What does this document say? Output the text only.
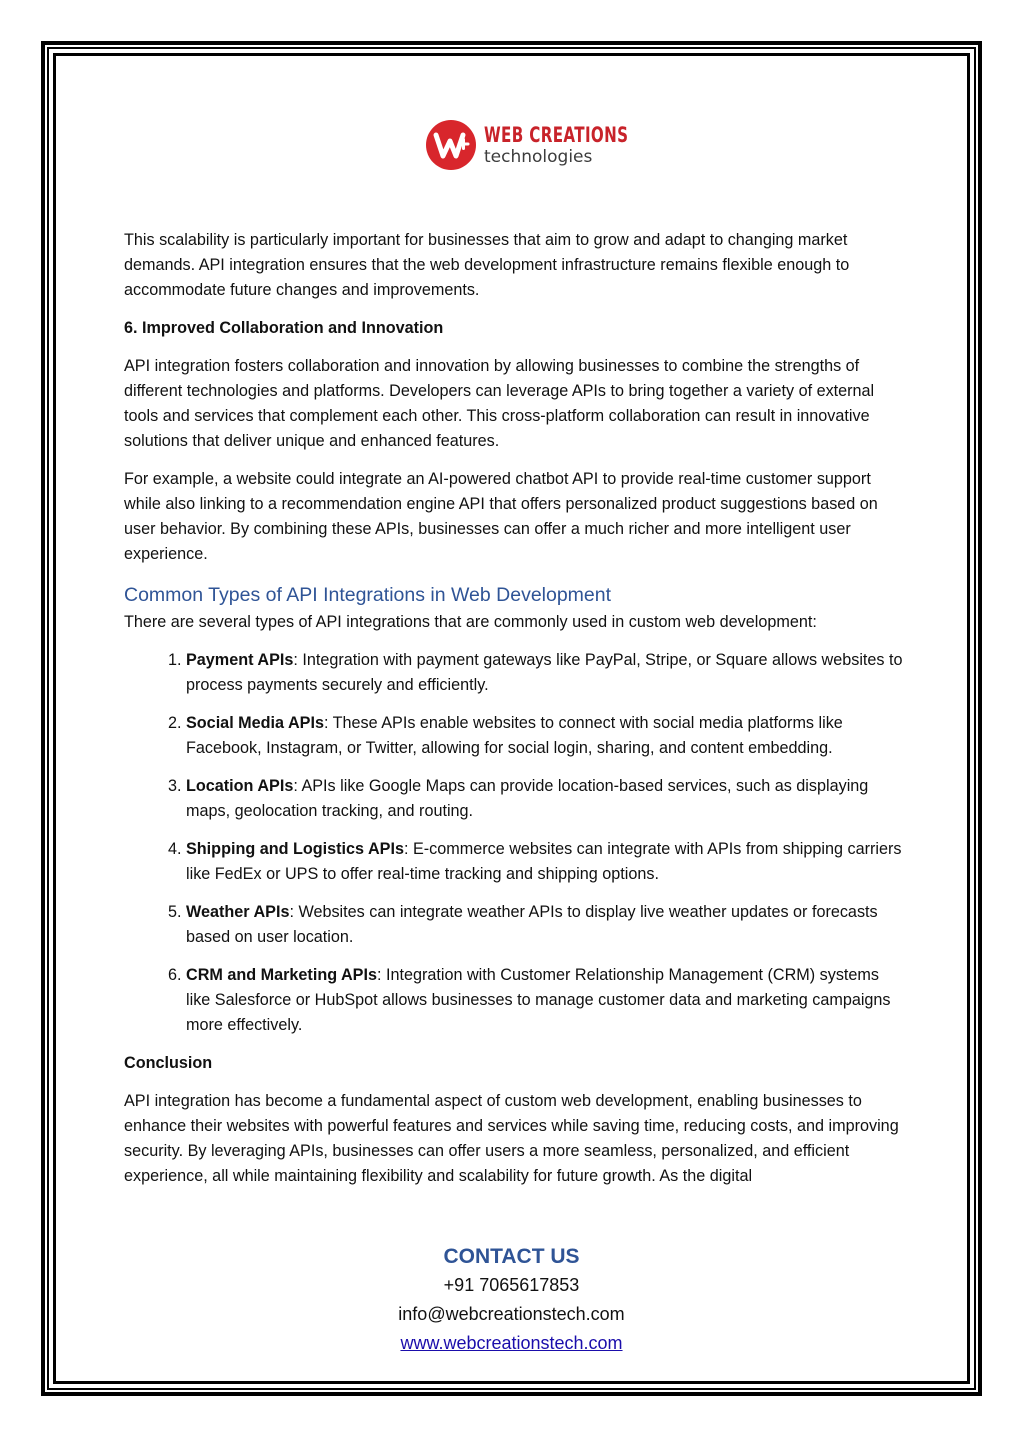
WEB CREATIONS
technologies

This scalability is particularly important for businesses that aim to grow and adapt to changing market demands. API integration ensures that the web development infrastructure remains flexible enough to accommodate future changes and improvements.

6. Improved Collaboration and Innovation

API integration fosters collaboration and innovation by allowing businesses to combine the strengths of different technologies and platforms. Developers can leverage APIs to bring together a variety of external tools and services that complement each other. This cross-platform collaboration can result in innovative solutions that deliver unique and enhanced features.

For example, a website could integrate an AI-powered chatbot API to provide real-time customer support while also linking to a recommendation engine API that offers personalized product suggestions based on user behavior. By combining these APIs, businesses can offer a much richer and more intelligent user experience.

Common Types of API Integrations in Web Development

There are several types of API integrations that are commonly used in custom web development:

1. Payment APIs: Integration with payment gateways like PayPal, Stripe, or Square allows websites to process payments securely and efficiently.
2. Social Media APIs: These APIs enable websites to connect with social media platforms like Facebook, Instagram, or Twitter, allowing for social login, sharing, and content embedding.
3. Location APIs: APIs like Google Maps can provide location-based services, such as displaying maps, geolocation tracking, and routing.
4. Shipping and Logistics APIs: E-commerce websites can integrate with APIs from shipping carriers like FedEx or UPS to offer real-time tracking and shipping options.
5. Weather APIs: Websites can integrate weather APIs to display live weather updates or forecasts based on user location.
6. CRM and Marketing APIs: Integration with Customer Relationship Management (CRM) systems like Salesforce or HubSpot allows businesses to manage customer data and marketing campaigns more effectively.
Conclusion

API integration has become a fundamental aspect of custom web development, enabling businesses to enhance their websites with powerful features and services while saving time, reducing costs, and improving security. By leveraging APIs, businesses can offer users a more seamless, personalized, and efficient experience, all while maintaining flexibility and scalability for future growth. As the digital

CONTACT US
+91 7065617853
info@webcreationstech.com
www.webcreationstech.com
